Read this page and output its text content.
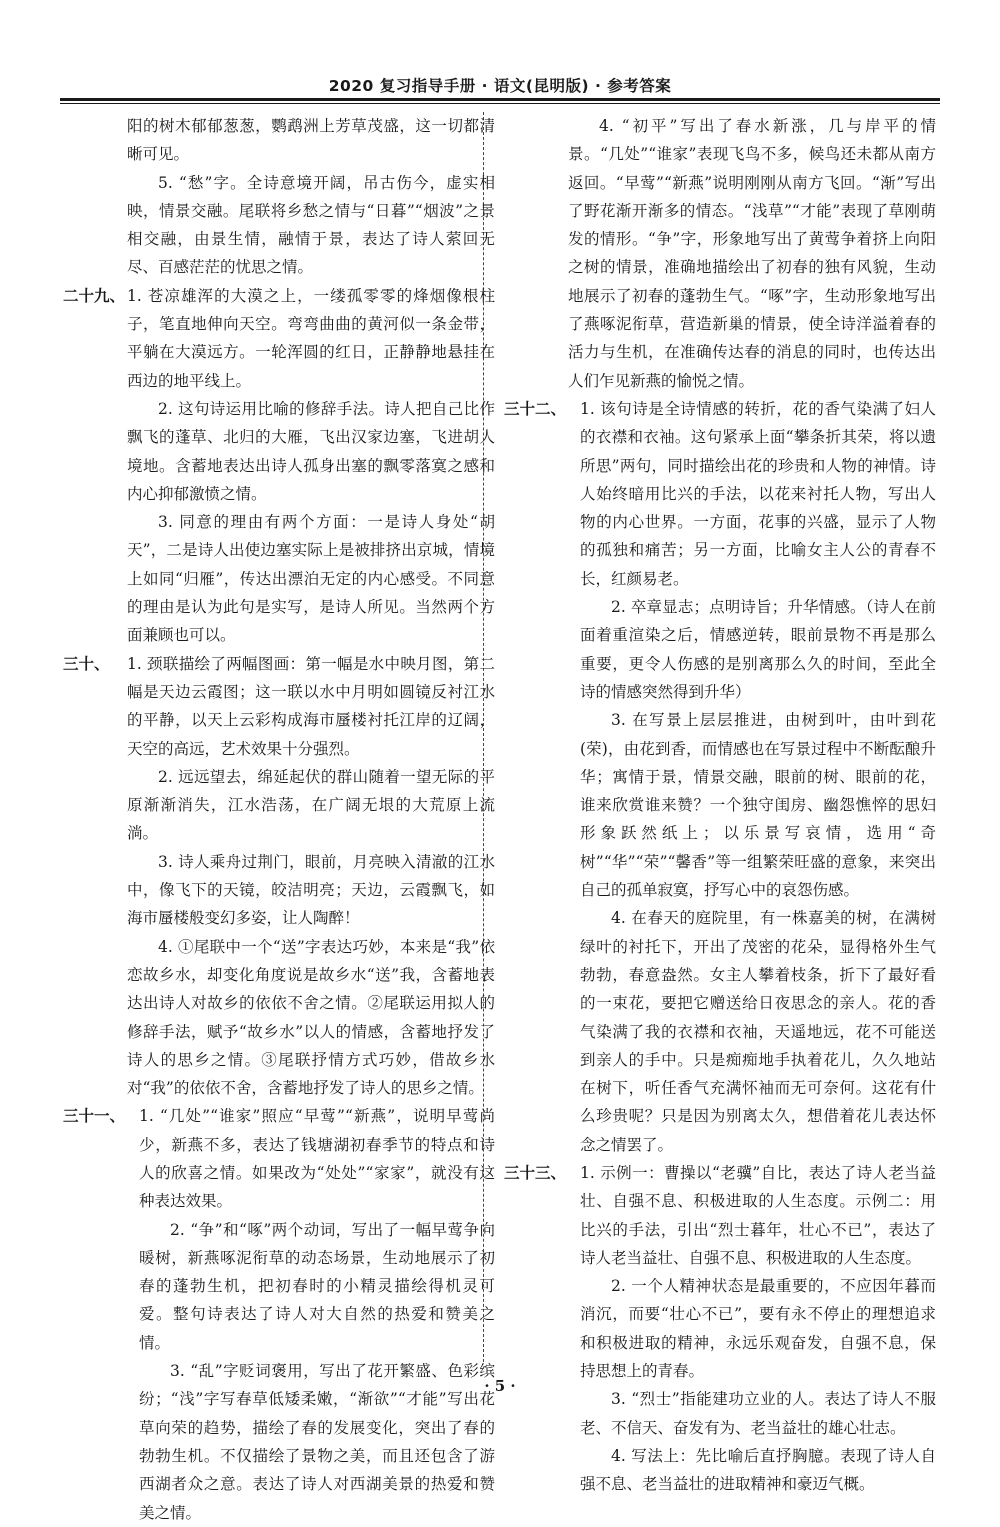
2020 复习指导手册 · 语文(昆明版) · 参考答案

阳的树木郁郁葱葱，鹦鹉洲上芳草茂盛，这一切都清晰可见。

5. “愁”字。全诗意境开阔，吊古伤今，虚实相映，情景交融。尾联将乡愁之情与“日暮”“烟波”之景相交融，由景生情，融情于景，表达了诗人萦回无尽、百感茫茫的忧思之情。

二十九、 1. 苍凉雄浑的大漠之上，一缕孤零零的烽烟像根柱子，笔直地伸向天空。弯弯曲曲的黄河似一条金带，平躺在大漠远方。一轮浑圆的红日，正静静地悬挂在西边的地平线上。

2. 这句诗运用比喻的修辞手法。诗人把自己比作飘飞的蓬草、北归的大雁，飞出汉家边塞，飞进胡人境地。含蓄地表达出诗人孤身出塞的飘零落寞之感和内心抑郁激愤之情。

3. 同意的理由有两个方面：一是诗人身处“胡天”，二是诗人出使边塞实际上是被排挤出京城，情境上如同“归雁”，传达出漂泊无定的内心感受。不同意的理由是认为此句是实写，是诗人所见。当然两个方面兼顾也可以。

三十、	1. 颈联描绘了两幅图画：第一幅是水中映月图，第二幅是天边云霞图；这一联以水中月明如圆镜反衬江水的平静，以天上云彩构成海市蜃楼衬托江岸的辽阔，天空的高远，艺术效果十分强烈。

2. 远远望去，绵延起伏的群山随着一望无际的平原渐渐消失，江水浩荡，在广阔无垠的大荒原上流淌。

3. 诗人乘舟过荆门，眼前，月亮映入清澈的江水中，像飞下的天镜，皎洁明亮；天边，云霞飘飞，如海市蜃楼般变幻多姿，让人陶醉！

4. ①尾联中一个“送”字表达巧妙，本来是“我”依恋故乡水，却变化角度说是故乡水“送”我，含蓄地表达出诗人对故乡的依依不舍之情。②尾联运用拟人的修辞手法，赋予“故乡水”以人的情感，含蓄地抒发了诗人的思乡之情。③尾联抒情方式巧妙，借故乡水对“我”的依依不舍，含蓄地抒发了诗人的思乡之情。

三十一、 1. “几处”“谁家”照应“早莺”“新燕”，说明早莺尚少，新燕不多，表达了钱塘湖初春季节的特点和诗人的欣喜之情。如果改为“处处”“家家”，就没有这种表达效果。

2. “争”和“啄”两个动词，写出了一幅早莺争向暖树，新燕啄泥衔草的动态场景，生动地展示了初春的蓬勃生机，把初春时的小精灵描绘得机灵可爱。整句诗表达了诗人对大自然的热爱和赞美之情。

3. “乱”字贬词褒用，写出了花开繁盛、色彩缤纷；“浅”字写春草低矮柔嫩，“渐欲”“才能”写出花草向荣的趋势，描绘了春的发展变化，突出了春的勃勃生机。不仅描绘了景物之美，而且还包含了游西湖者众之意。表达了诗人对西湖美景的热爱和赞美之情。

4. “初平”写出了春水新涨，几与岸平的情景。“几处”“谁家”表现飞鸟不多，候鸟还未都从南方返回。“早莺”“新燕”说明刚刚从南方飞回。“渐”写出了野花渐开渐多的情态。“浅草”“才能”表现了草刚萌发的情形。“争”字，形象地写出了黄莺争着挤上向阳之树的情景，准确地描绘出了初春的独有风貌，生动地展示了初春的蓬勃生气。“啄”字，生动形象地写出了燕啄泥衔草，营造新巢的情景，使全诗洋溢着春的活力与生机，在准确传达春的消息的同时，也传达出人们乍见新燕的愉悦之情。

三十二、 1. 该句诗是全诗情感的转折，花的香气染满了妇人的衣襟和衣袖。这句紧承上面“攀条折其荣，将以遗所思”两句，同时描绘出花的珍贵和人物的神情。诗人始终暗用比兴的手法，以花来衬托人物，写出人物的内心世界。一方面，花事的兴盛，显示了人物的孤独和痛苦；另一方面，比喻女主人公的青春不长，红颜易老。

2. 卒章显志；点明诗旨；升华情感。（诗人在前面着重渲染之后，情感逆转，眼前景物不再是那么重要，更令人伤感的是别离那么久的时间，至此全诗的情感突然得到升华）

3. 在写景上层层推进，由树到叶，由叶到花(荣)，由花到香，而情感也在写景过程中不断酝酿升华；寓情于景，情景交融，眼前的树、眼前的花，谁来欣赏谁来赞？一个独守闺房、幽怨憔悴的思妇形象跃然纸上；以乐景写哀情，选用“奇树”“华”“荣”“馨香”等一组繁荣旺盛的意象，来突出自己的孤单寂寞，抒写心中的哀怨伤感。

4. 在春天的庭院里，有一株嘉美的树，在满树绿叶的衬托下，开出了茂密的花朵，显得格外生气勃勃，春意盎然。女主人攀着枝条，折下了最好看的一束花，要把它赠送给日夜思念的亲人。花的香气染满了我的衣襟和衣袖，天遥地远，花不可能送到亲人的手中。只是痴痴地手执着花儿，久久地站在树下，听任香气充满怀袖而无可奈何。这花有什么珍贵呢？只是因为别离太久，想借着花儿表达怀念之情罢了。

三十三、 1. 示例一：曹操以“老骥”自比，表达了诗人老当益壮、自强不息、积极进取的人生态度。示例二：用比兴的手法，引出“烈士暮年，壮心不已”，表达了诗人老当益壮、自强不息、积极进取的人生态度。

2. 一个人精神状态是最重要的，不应因年暮而消沉，而要“壮心不已”，要有永不停止的理想追求和积极进取的精神，永远乐观奋发，自强不息，保持思想上的青春。

3. “烈士”指能建功立业的人。表达了诗人不服老、不信天、奋发有为、老当益壮的雄心壮志。

4. 写法上：先比喻后直抒胸臆。表现了诗人自强不息、老当益壮的进取精神和豪迈气概。

· 5 ·
